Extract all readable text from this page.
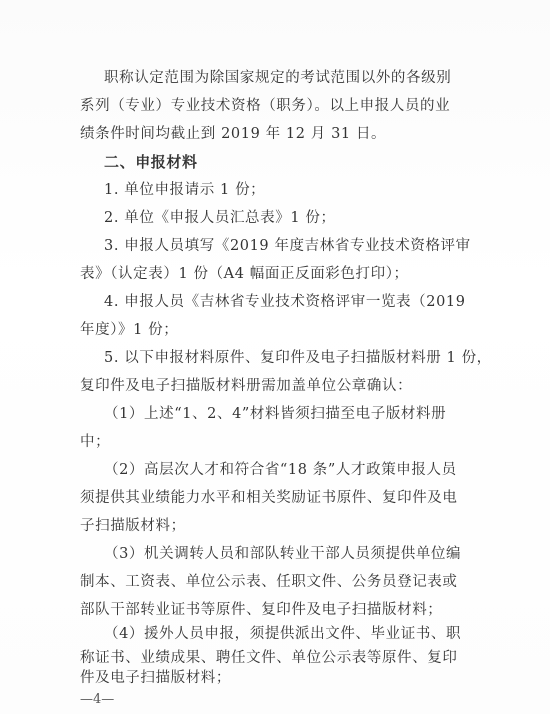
职称认定范围为除国家规定的考试范围以外的各级别
系列（专业）专业技术资格（职务）。以上申报人员的业
绩条件时间均截止到 2019 年 12 月 31 日。
二、申报材料
1. 单位申报请示 1 份；
2. 单位《申报人员汇总表》1 份；
3. 申报人员填写《2019 年度吉林省专业技术资格评审
表》（认定表）1 份（A4 幅面正反面彩色打印）；
4. 申报人员《吉林省专业技术资格评审一览表（2019
年度）》1 份；
5. 以下申报材料原件、复印件及电子扫描版材料册 1 份，
复印件及电子扫描版材料册需加盖单位公章确认：
（1）上述“1、2、4”材料皆须扫描至电子版材料册
中；
（2）高层次人才和符合省“18 条”人才政策申报人员
须提供其业绩能力水平和相关奖励证书原件、复印件及电
子扫描版材料；
（3）机关调转人员和部队转业干部人员须提供单位编
制本、工资表、单位公示表、任职文件、公务员登记表或
部队干部转业证书等原件、复印件及电子扫描版材料；
（4）援外人员申报，须提供派出文件、毕业证书、职
称证书、业绩成果、聘任文件、单位公示表等原件、复印
—4—
件及电子扫描版材料；
